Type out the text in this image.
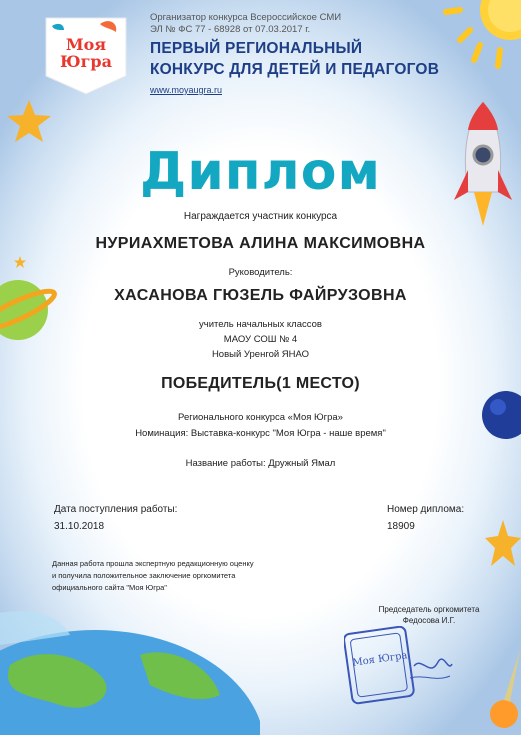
Моя Югра
Организатор конкурса Всероссийское СМИ
ЭЛ № ФС 77 - 68928 от 07.03.2017 г.
ПЕРВЫЙ РЕГИОНАЛЬНЫЙ
КОНКУРС ДЛЯ ДЕТЕЙ И ПЕДАГОГОВ
www.moyaugra.ru
Диплом
Награждается участник конкурса
НУРИАХМЕТОВА АЛИНА МАКСИМОВНА
Руководитель:
ХАСАНОВА ГЮЗЕЛЬ ФАЙРУЗОВНА
учитель начальных классов
МАОУ СОШ № 4
Новый Уренгой ЯНАО
ПОБЕДИТЕЛЬ(1 МЕСТО)
Регионального конкурса «Моя Югра»
Номинация: Выставка-конкурс "Моя Югра - наше время"
Название работы: Дружный Ямал
Дата поступления работы:
31.10.2018
Номер диплома:
18909
Данная работа прошла экспертную редакционную оценку
и получила положительное заключение оргкомитета
официального сайта "Моя Югра"
Председатель оргкомитета
Федосова И.Г.
Моя Югра
